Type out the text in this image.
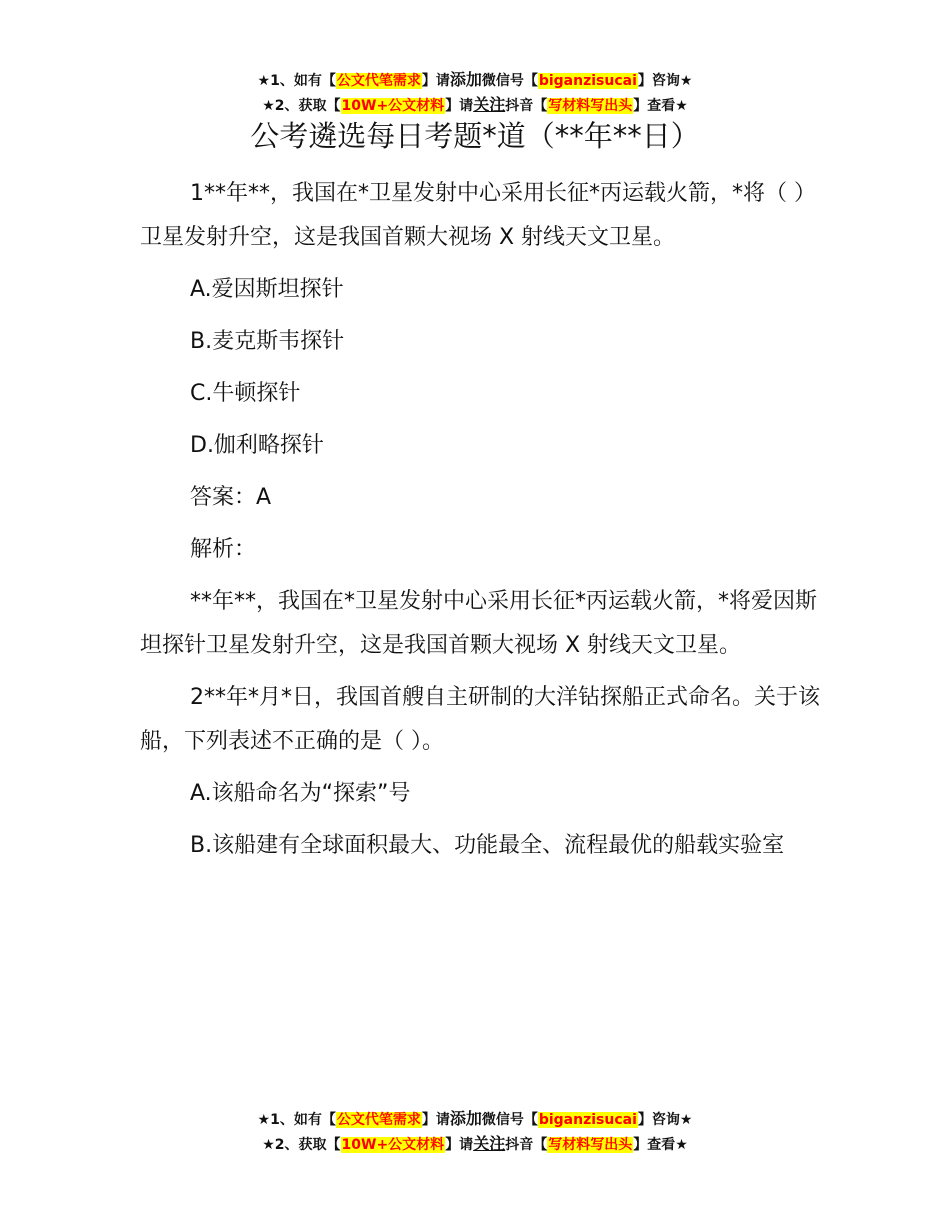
★1、如有【公文代笔需求】请添加微信号【biganzisucai】咨询★
★2、获取【10W+公文材料】请关注抖音【写材料写出头】查看★
公考遴选每日考题*道（**年**日）

1**年**，我国在*卫星发射中心采用长征*丙运载火箭，*将（ ）卫星发射升空，这是我国首颗大视场 X 射线天文卫星。

A.爱因斯坦探针

B.麦克斯韦探针

C.牛顿探针

D.伽利略探针

答案：A

解析：

**年**，我国在*卫星发射中心采用长征*丙运载火箭，*将爱因斯坦探针卫星发射升空，这是我国首颗大视场 X 射线天文卫星。

2**年*月*日，我国首艘自主研制的大洋钻探船正式命名。关于该船，下列表述不正确的是（ ）。

A.该船命名为“探索”号

B.该船建有全球面积最大、功能最全、流程最优的船载实验室

★1、如有【公文代笔需求】请添加微信号【biganzisucai】咨询★
★2、获取【10W+公文材料】请关注抖音【写材料写出头】查看★
